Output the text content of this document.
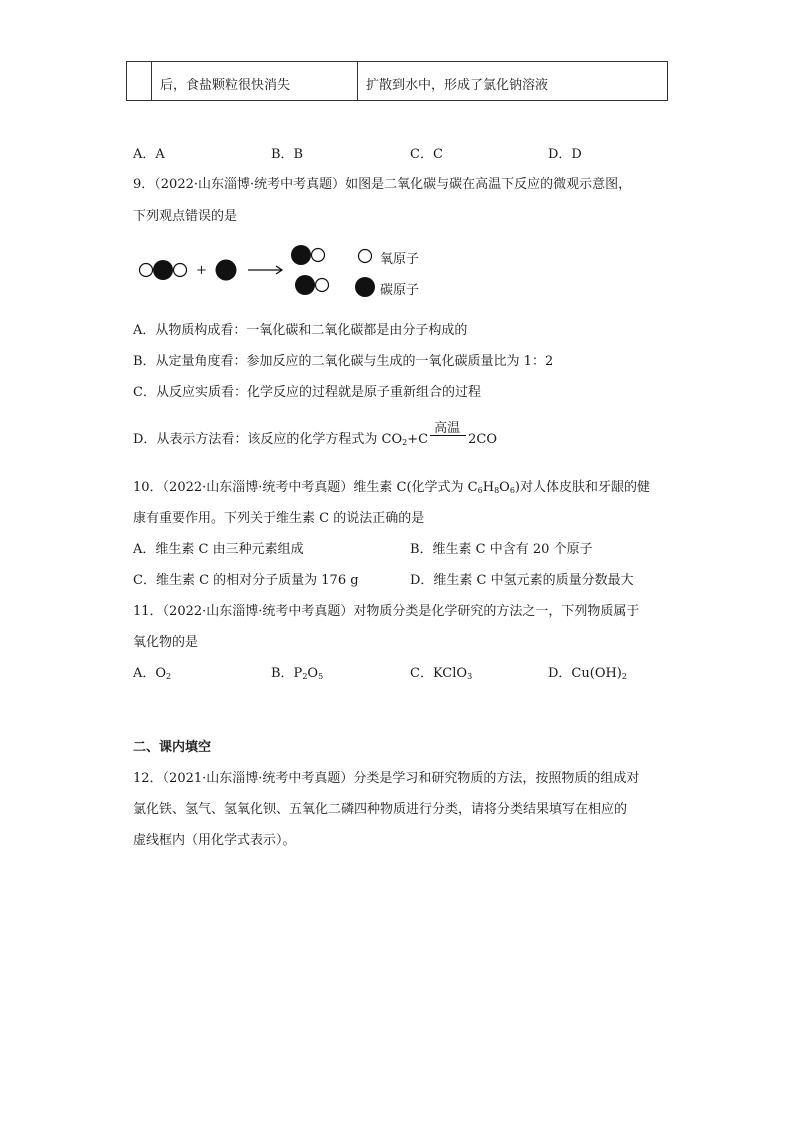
后，食盐颗粒很快消失	扩散到水中，形成了氯化钠溶液
A．A	B．B	C．C	D．D
9．（2022·山东淄博·统考中考真题）如图是二氧化碳与碳在高温下反应的微观示意图，
下列观点错误的是
+
氧原子
碳原子
A．从物质构成看：一氧化碳和二氧化碳都是由分子构成的
B．从定量角度看：参加反应的二氧化碳与生成的一氧化碳质量比为 1：2
C．从反应实质看：化学反应的过程就是原子重新组合的过程
D．从表示方法看：该反应的化学方程式为 $CO_2+C$
高温
2CO
10．（2022·山东淄博·统考中考真题）维生素 C(化学式为 $C_6H_8O_6$)对人体皮肤和牙龈的健
康有重要作用。下列关于维生素 C 的说法正确的是
A．维生素 C 由三种元素组成	B．维生素 C 中含有 20 个原子
C．维生素 C 的相对分子质量为 176 g	D．维生素 C 中氢元素的质量分数最大
11．（2022·山东淄博·统考中考真题）对物质分类是化学研究的方法之一，下列物质属于
氧化物的是
A．$O_2$	B．$P_2O_5$	C．KClO$_3$	D．$Cu(OH)_2$
二、课内填空
12．（2021·山东淄博·统考中考真题）分类是学习和研究物质的方法，按照物质的组成对
氯化铁、氢气、氢氧化钡、五氧化二磷四种物质进行分类，请将分类结果填写在相应的
虚线框内（用化学式表示）。
